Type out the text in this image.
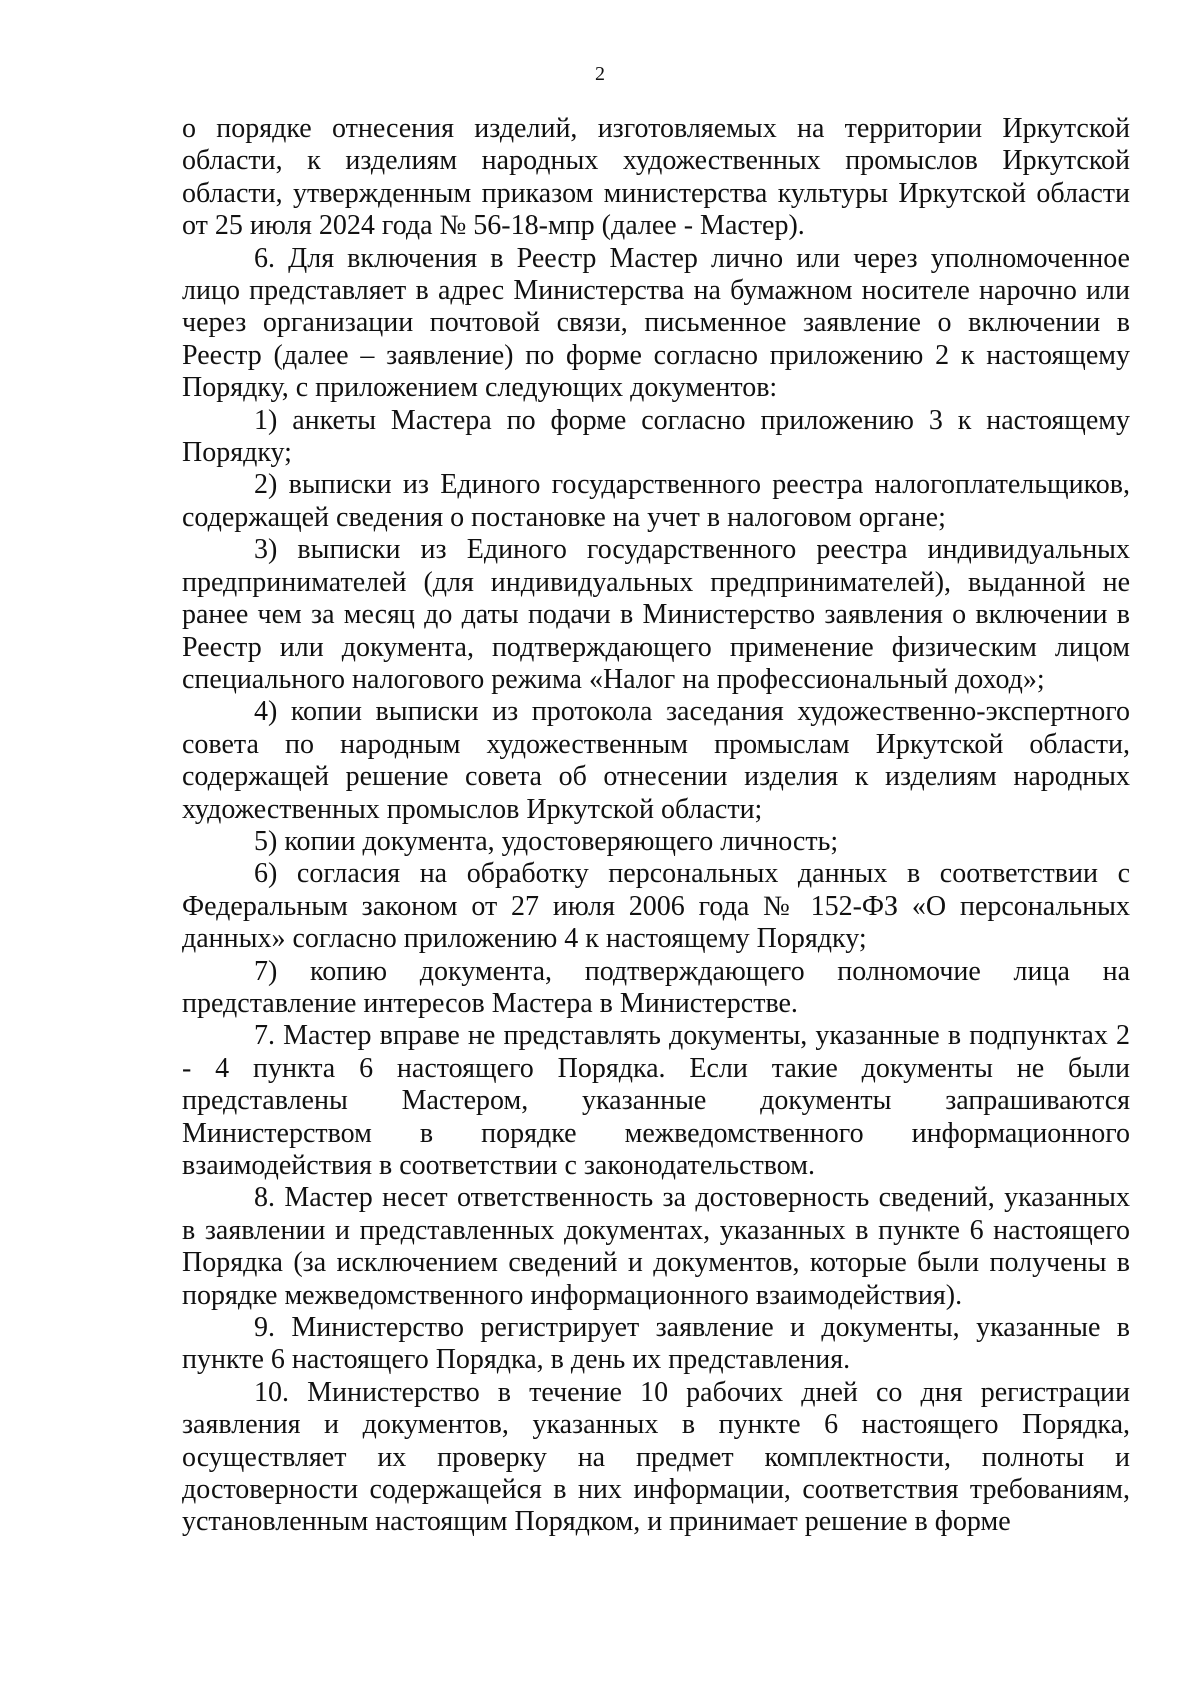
2

о порядке отнесения изделий, изготовляемых на территории Иркутской области, к изделиям народных художественных промыслов Иркутской области, утвержденным приказом министерства культуры Иркутской области от 25 июля 2024 года № 56-18-мпр (далее - Мастер).

6. Для включения в Реестр Мастер лично или через уполномоченное лицо представляет в адрес Министерства на бумажном носителе нарочно или через организации почтовой связи, письменное заявление о включении в Реестр (далее – заявление) по форме согласно приложению 2 к настоящему Порядку, с приложением следующих документов:

1) анкеты Мастера по форме согласно приложению 3 к настоящему Порядку;

2) выписки из Единого государственного реестра налогоплательщиков, содержащей сведения о постановке на учет в налоговом органе;

3) выписки из Единого государственного реестра индивидуальных предпринимателей (для индивидуальных предпринимателей), выданной не ранее чем за месяц до даты подачи в Министерство заявления о включении в Реестр или документа, подтверждающего применение физическим лицом специального налогового режима «Налог на профессиональный доход»;

4) копии выписки из протокола заседания художественно-экспертного совета по народным художественным промыслам Иркутской области, содержащей решение совета об отнесении изделия к изделиям народных художественных промыслов Иркутской области;

5) копии документа, удостоверяющего личность;

6) согласия на обработку персональных данных в соответствии с Федеральным законом от 27 июля 2006 года № 152-ФЗ «О персональных данных» согласно приложению 4 к настоящему Порядку;

7) копию документа, подтверждающего полномочие лица на представление интересов Мастера в Министерстве.

7. Мастер вправе не представлять документы, указанные в подпунктах 2 - 4 пункта 6 настоящего Порядка. Если такие документы не были представлены Мастером, указанные документы запрашиваются Министерством в порядке межведомственного информационного взаимодействия в соответствии с законодательством.

8. Мастер несет ответственность за достоверность сведений, указанных в заявлении и представленных документах, указанных в пункте 6 настоящего Порядка (за исключением сведений и документов, которые были получены в порядке межведомственного информационного взаимодействия).

9. Министерство регистрирует заявление и документы, указанные в пункте 6 настоящего Порядка, в день их представления.

10. Министерство в течение 10 рабочих дней со дня регистрации заявления и документов, указанных в пункте 6 настоящего Порядка, осуществляет их проверку на предмет комплектности, полноты и достоверности содержащейся в них информации, соответствия требованиям, установленным настоящим Порядком, и принимает решение в форме
